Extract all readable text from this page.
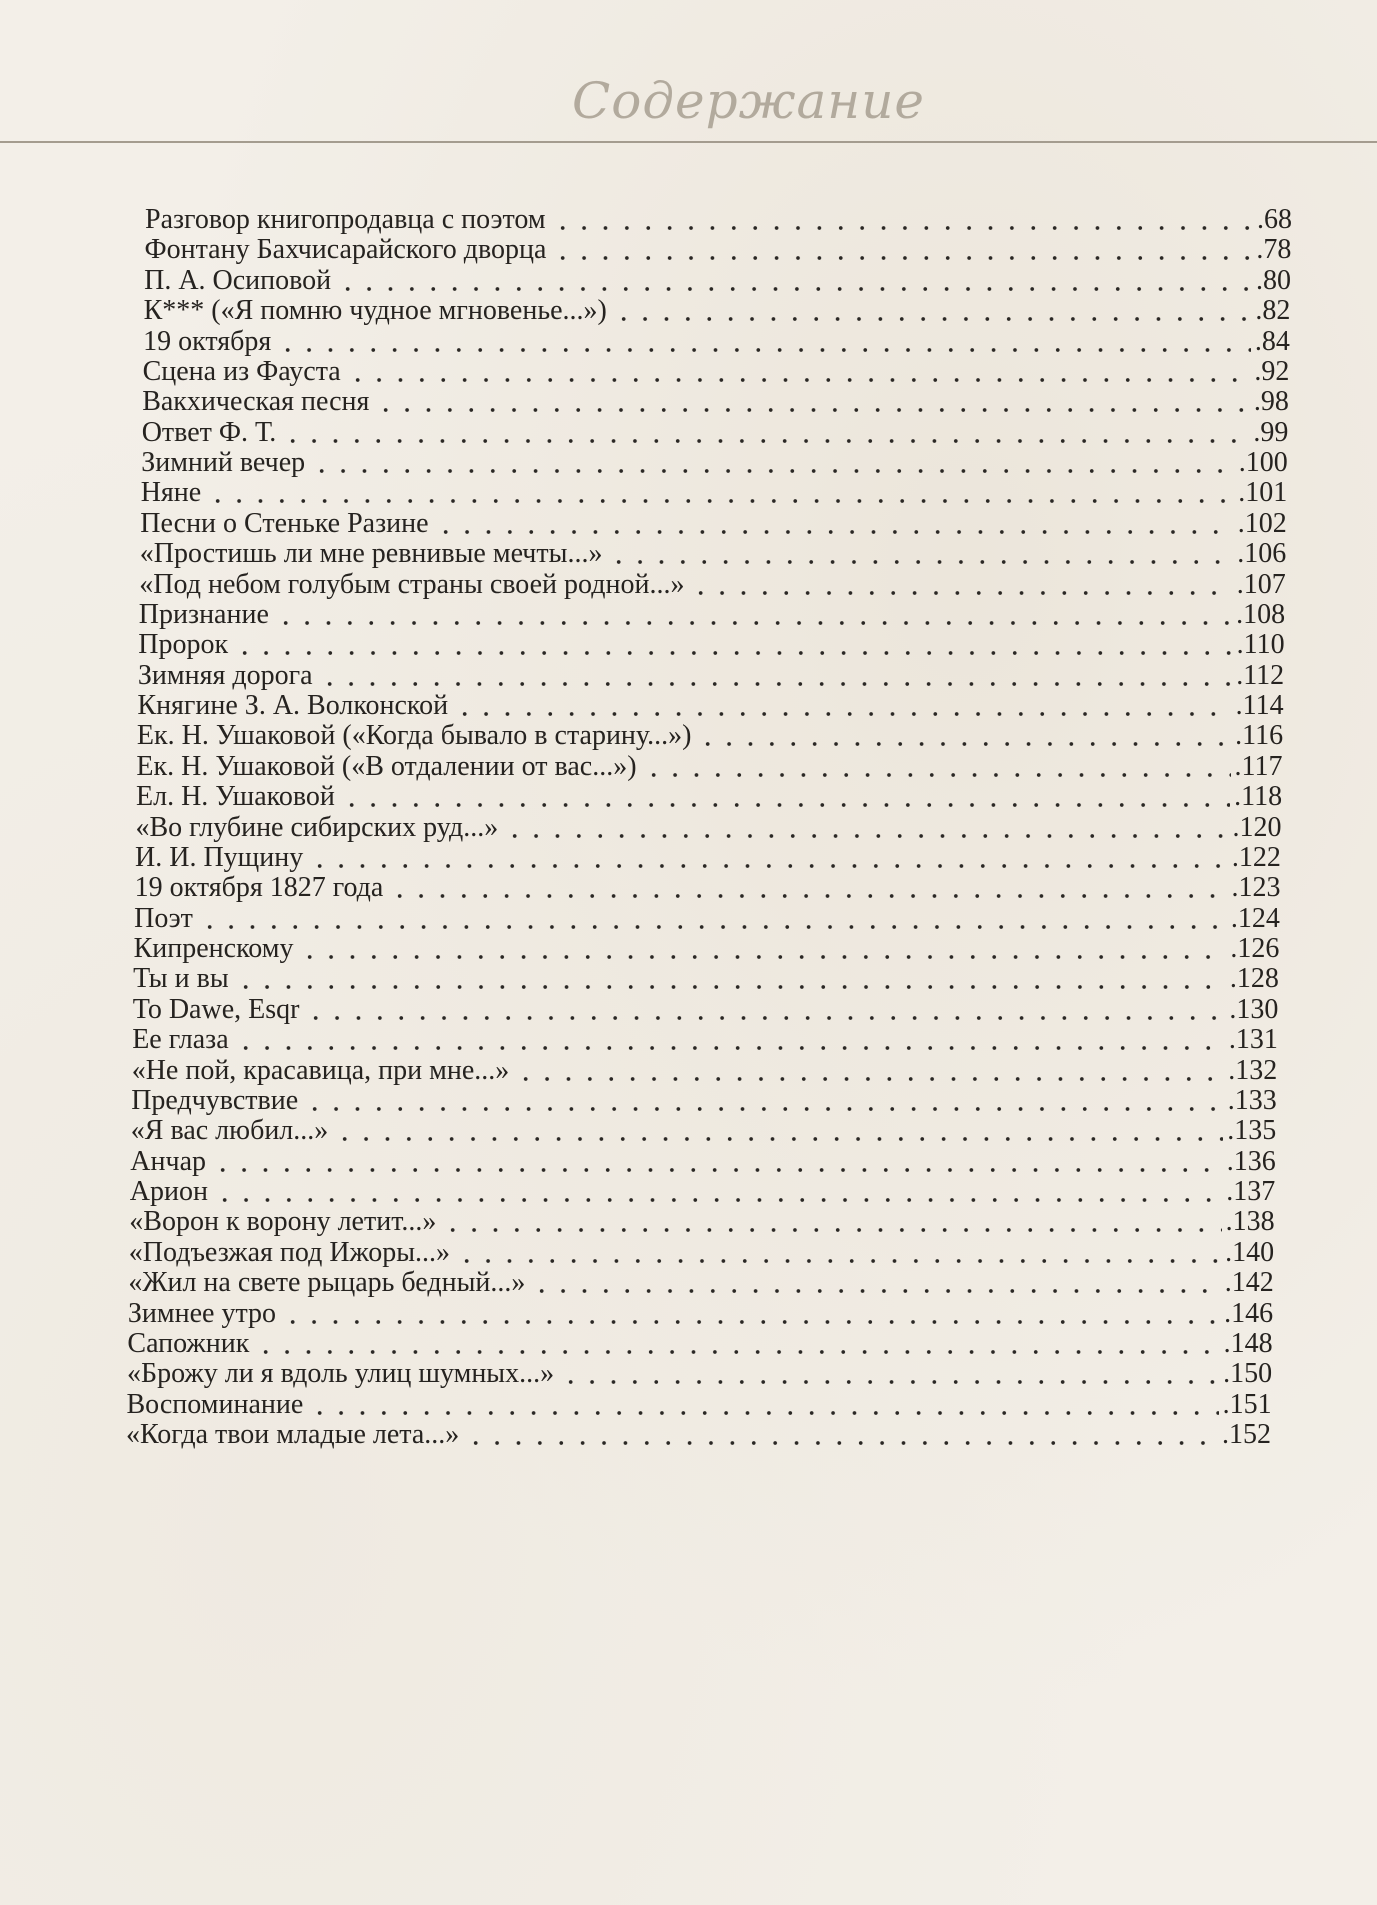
Содержание
Разговор книгопродавца с поэтом	.68
Фонтану Бахчисарайского дворца	.78
П. А. Осиповой	.80
К*** («Я помню чудное мгновенье...»)	.82
19 октября	.84
Сцена из Фауста	.92
Вакхическая песня	.98
Ответ Ф. Т.	.99
Зимний вечер	.100
Няне	.101
Песни о Стеньке Разине	.102
«Простишь ли мне ревнивые мечты...»	.106
«Под небом голубым страны своей родной...»	.107
Признание	.108
Пророк	.110
Зимняя дорога	.112
Княгине З. А. Волконской	.114
Ек. Н. Ушаковой («Когда бывало в старину...»)	.116
Ек. Н. Ушаковой («В отдалении от вас...»)	.117
Ел. Н. Ушаковой	.118
«Во глубине сибирских руд...»	.120
И. И. Пущину	.122
19 октября 1827 года	.123
Поэт	.124
Кипренскому	.126
Ты и вы	.128
To Dawe, Esqr	.130
Ее глаза	.131
«Не пой, красавица, при мне...»	.132
Предчувствие	.133
«Я вас любил...»	.135
Анчар	.136
Арион	.137
«Ворон к ворону летит...»	.138
«Подъезжая под Ижоры...»	.140
«Жил на свете рыцарь бедный...»	.142
Зимнее утро	.146
Сапожник	.148
«Брожу ли я вдоль улиц шумных...»	.150
Воспоминание	.151
«Когда твои младые лета...»	.152
